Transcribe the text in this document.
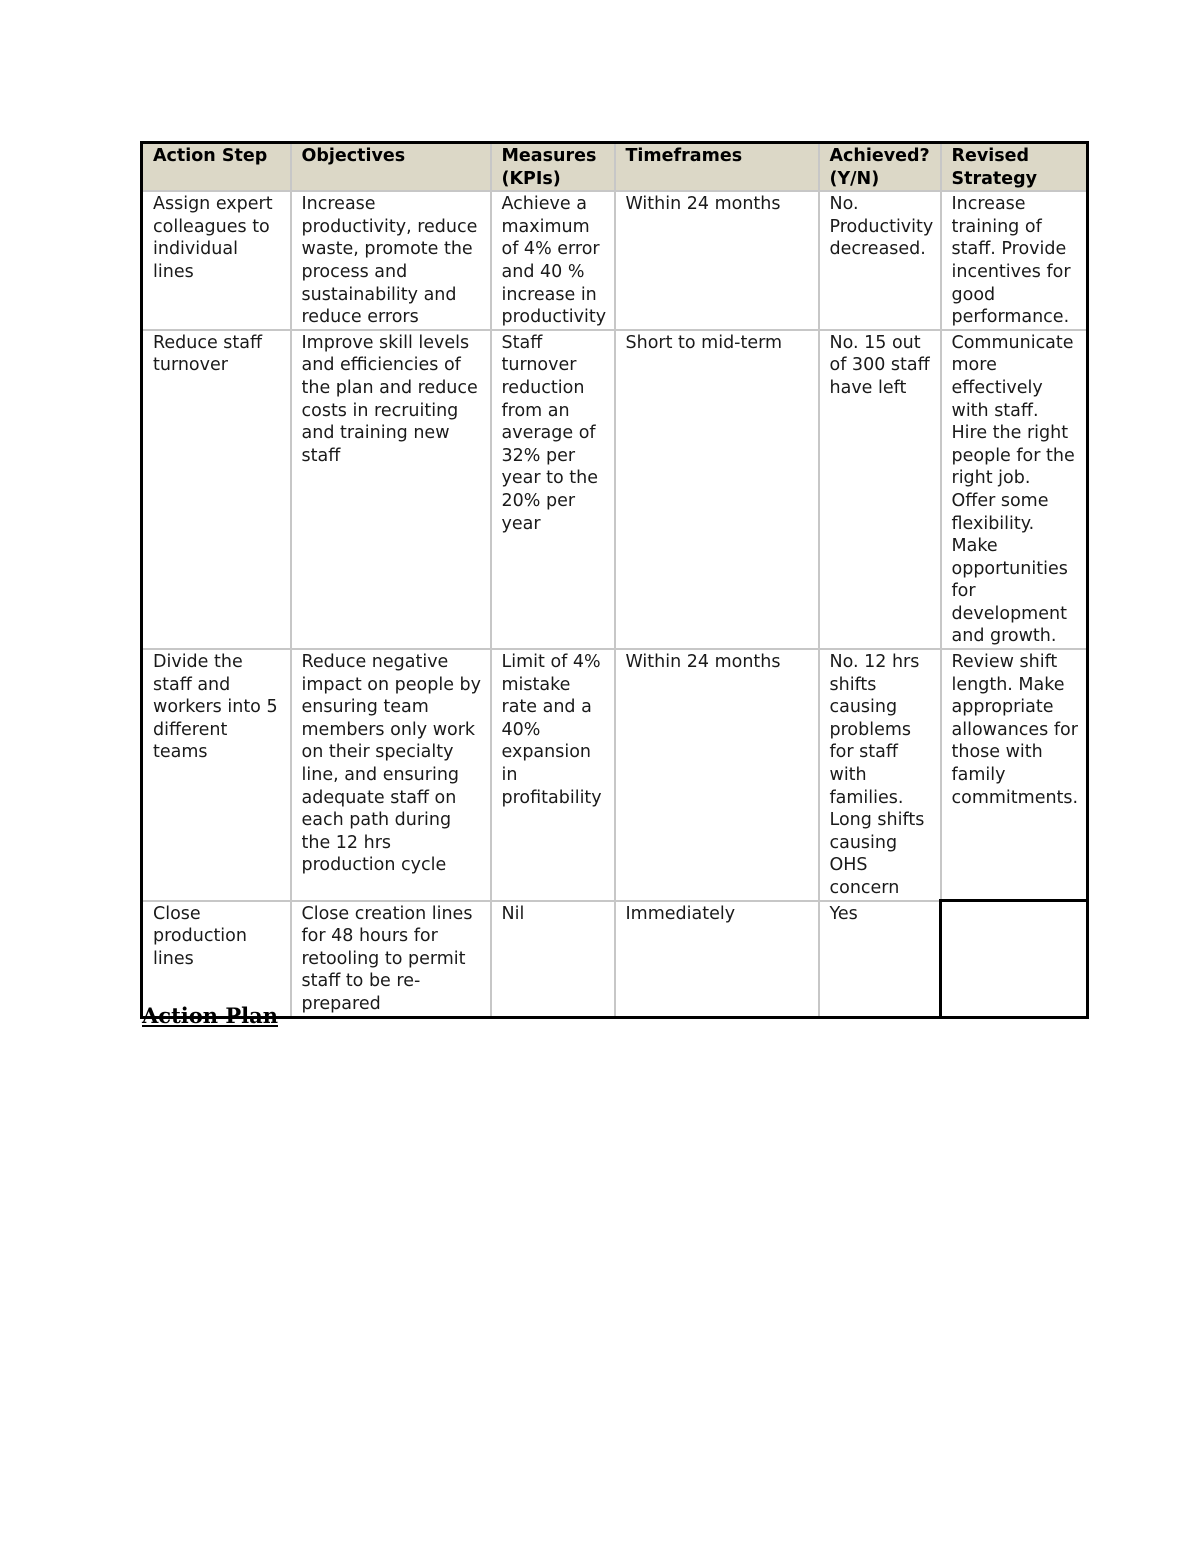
Action Step	Objectives	Measures (KPIs)	Timeframes	Achieved? (Y/N)	Revised Strategy
Assign expert colleagues to individual lines	Increase productivity, reduce waste, promote the process and sustainability and reduce errors	Achieve a maximum of 4% error and 40 % increase in productivity	Within 24 months	No. Productivity decreased.	Increase training of staff. Provide incentives for good performance.
Reduce staff turnover	Improve skill levels and efficiencies of the plan and reduce costs in recruiting and training new staff	Staff turnover reduction from an average of 32% per year to the 20% per year	Short to mid-term	No. 15 out of 300 staff have left	Communicate more effectively with staff. Hire the right people for the right job. Offer some flexibility. Make opportunities for development and growth.
Divide the staff and workers into 5 different teams	Reduce negative impact on people by ensuring team members only work on their specialty line, and ensuring adequate staff on each path during the 12 hrs production cycle	Limit of 4% mistake rate and a 40% expansion in profitability	Within 24 months	No. 12 hrs shifts causing problems for staff with families. Long shifts causing OHS concern	Review shift length. Make appropriate allowances for those with family commitments.
Close production lines	Close creation lines for 48 hours for retooling to permit staff to be re-prepared	Nil	Immediately	Yes	

Action Plan
